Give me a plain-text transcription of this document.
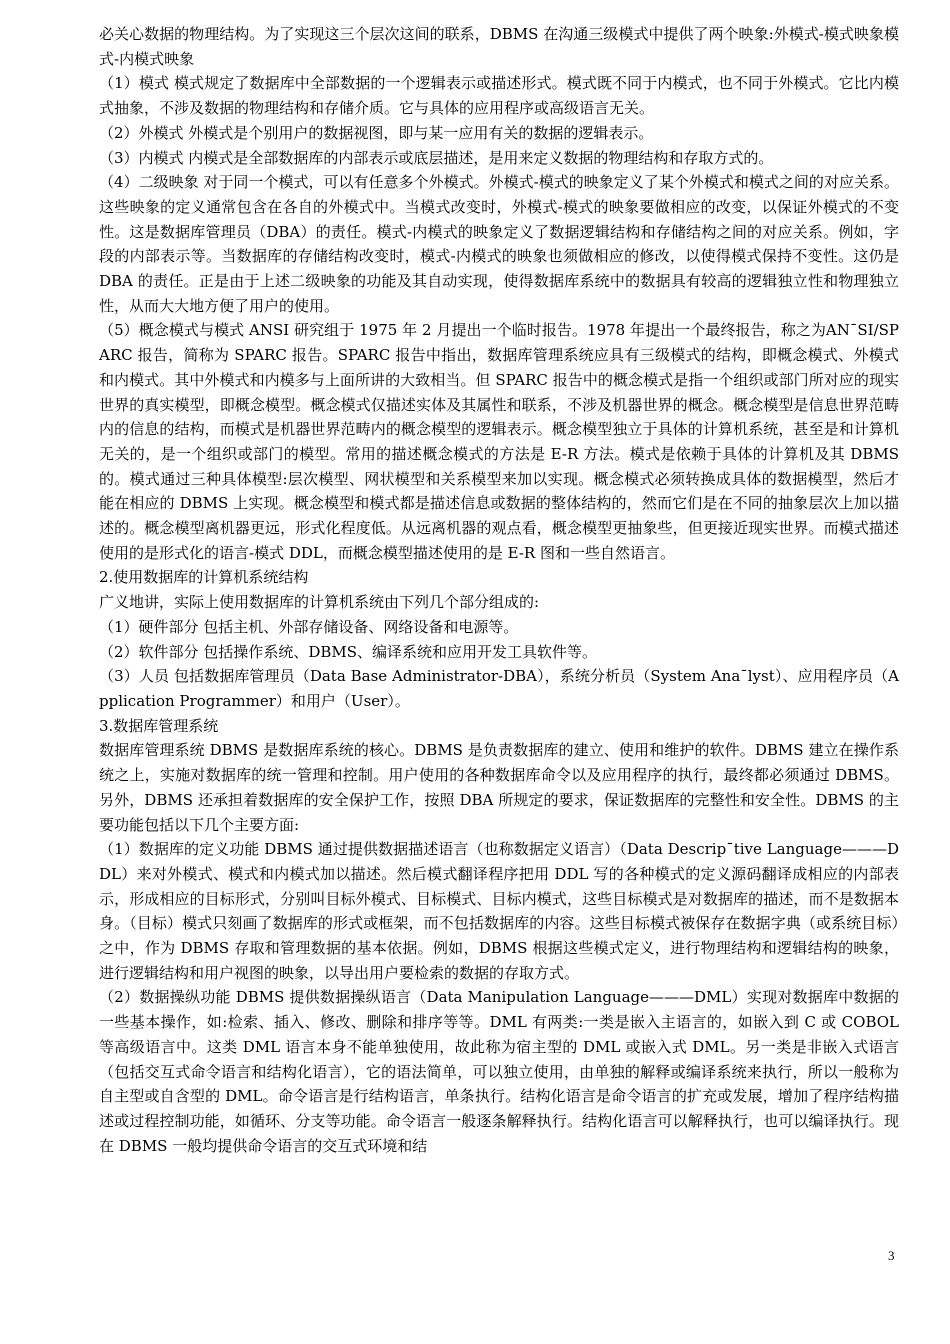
必关心数据的物理结构。为了实现这三个层次这间的联系，DBMS 在沟通三级模式中提供了两个映象:外模式-模式映象模式-内模式映象

（1）模式 模式规定了数据库中全部数据的一个逻辑表示或描述形式。模式既不同于内模式，也不同于外模式。它比内模式抽象，不涉及数据的物理结构和存储介质。它与具体的应用程序或高级语言无关。

（2）外模式 外模式是个别用户的数据视图，即与某一应用有关的数据的逻辑表示。

（3）内模式 内模式是全部数据库的内部表示或底层描述，是用来定义数据的物理结构和存取方式的。

（4）二级映象 对于同一个模式，可以有任意多个外模式。外模式-模式的映象定义了某个外模式和模式之间的对应关系。这些映象的定义通常包含在各自的外模式中。当模式改变时，外模式-模式的映象要做相应的改变，以保证外模式的不变性。这是数据库管理员（DBA）的责任。模式-内模式的映象定义了数据逻辑结构和存储结构之间的对应关系。例如，字段的内部表示等。当数据库的存储结构改变时，模式-内模式的映象也须做相应的修改，以使得模式保持不变性。这仍是 DBA 的责任。正是由于上述二级映象的功能及其自动实现，使得数据库系统中的数据具有较高的逻辑独立性和物理独立性，从而大大地方便了用户的使用。

（5）概念模式与模式 ANSI 研究组于 1975 年 2 月提出一个临时报告。1978 年提出一个最终报告，称之为AN¯SI/SPARC 报告，简称为 SPARC 报告。SPARC 报告中指出，数据库管理系统应具有三级模式的结构，即概念模式、外模式和内模式。其中外模式和内模多与上面所讲的大致相当。但 SPARC 报告中的概念模式是指一个组织或部门所对应的现实世界的真实模型，即概念模型。概念模式仅描述实体及其属性和联系，不涉及机器世界的概念。概念模型是信息世界范畴内的信息的结构，而模式是机器世界范畴内的概念模型的逻辑表示。概念模型独立于具体的计算机系统，甚至是和计算机无关的，是一个组织或部门的模型。常用的描述概念模式的方法是 E-R 方法。模式是依赖于具体的计算机及其 DBMS 的。模式通过三种具体模型:层次模型、网状模型和关系模型来加以实现。概念模式必须转换成具体的数据模型，然后才能在相应的 DBMS 上实现。概念模型和模式都是描述信息或数据的整体结构的，然而它们是在不同的抽象层次上加以描述的。概念模型离机器更远，形式化程度低。从远离机器的观点看，概念模型更抽象些，但更接近现实世界。而模式描述使用的是形式化的语言-模式 DDL，而概念模型描述使用的是 E-R 图和一些自然语言。

2.使用数据库的计算机系统结构

广义地讲，实际上使用数据库的计算机系统由下列几个部分组成的:

（1）硬件部分 包括主机、外部存储设备、网络设备和电源等。

（2）软件部分 包括操作系统、DBMS、编译系统和应用开发工具软件等。

（3）人员 包括数据库管理员（Data Base Administrator-DBA），系统分析员（System Ana¯lyst）、应用程序员（Application Programmer）和用户（User）。

3.数据库管理系统

数据库管理系统 DBMS 是数据库系统的核心。DBMS 是负责数据库的建立、使用和维护的软件。DBMS 建立在操作系统之上，实施对数据库的统一管理和控制。用户使用的各种数据库命令以及应用程序的执行，最终都必须通过 DBMS。另外，DBMS 还承担着数据库的安全保护工作，按照 DBA 所规定的要求，保证数据库的完整性和安全性。DBMS 的主要功能包括以下几个主要方面:

（1）数据库的定义功能 DBMS 通过提供数据描述语言（也称数据定义语言）（Data Descrip¯tive Language———DDL）来对外模式、模式和内模式加以描述。然后模式翻译程序把用 DDL 写的各种模式的定义源码翻译成相应的内部表示，形成相应的目标形式，分别叫目标外模式、目标模式、目标内模式，这些目标模式是对数据库的描述，而不是数据本身。（目标）模式只刻画了数据库的形式或框架，而不包括数据库的内容。这些目标模式被保存在数据字典（或系统目标）之中，作为 DBMS 存取和管理数据的基本依据。例如，DBMS 根据这些模式定义，进行物理结构和逻辑结构的映象，进行逻辑结构和用户视图的映象，以导出用户要检索的数据的存取方式。

（2）数据操纵功能 DBMS 提供数据操纵语言（Data Manipulation Language———DML）实现对数据库中数据的一些基本操作，如:检索、插入、修改、删除和排序等等。DML 有两类:一类是嵌入主语言的，如嵌入到 C 或 COBOL 等高级语言中。这类 DML 语言本身不能单独使用，故此称为宿主型的 DML 或嵌入式 DML。另一类是非嵌入式语言（包括交互式命令语言和结构化语言），它的语法简单，可以独立使用，由单独的解释或编译系统来执行，所以一般称为自主型或自含型的 DML。命令语言是行结构语言，单条执行。结构化语言是命令语言的扩充或发展，增加了程序结构描述或过程控制功能，如循环、分支等功能。命令语言一般逐条解释执行。结构化语言可以解释执行，也可以编译执行。现在 DBMS 一般均提供命令语言的交互式环境和结

3
